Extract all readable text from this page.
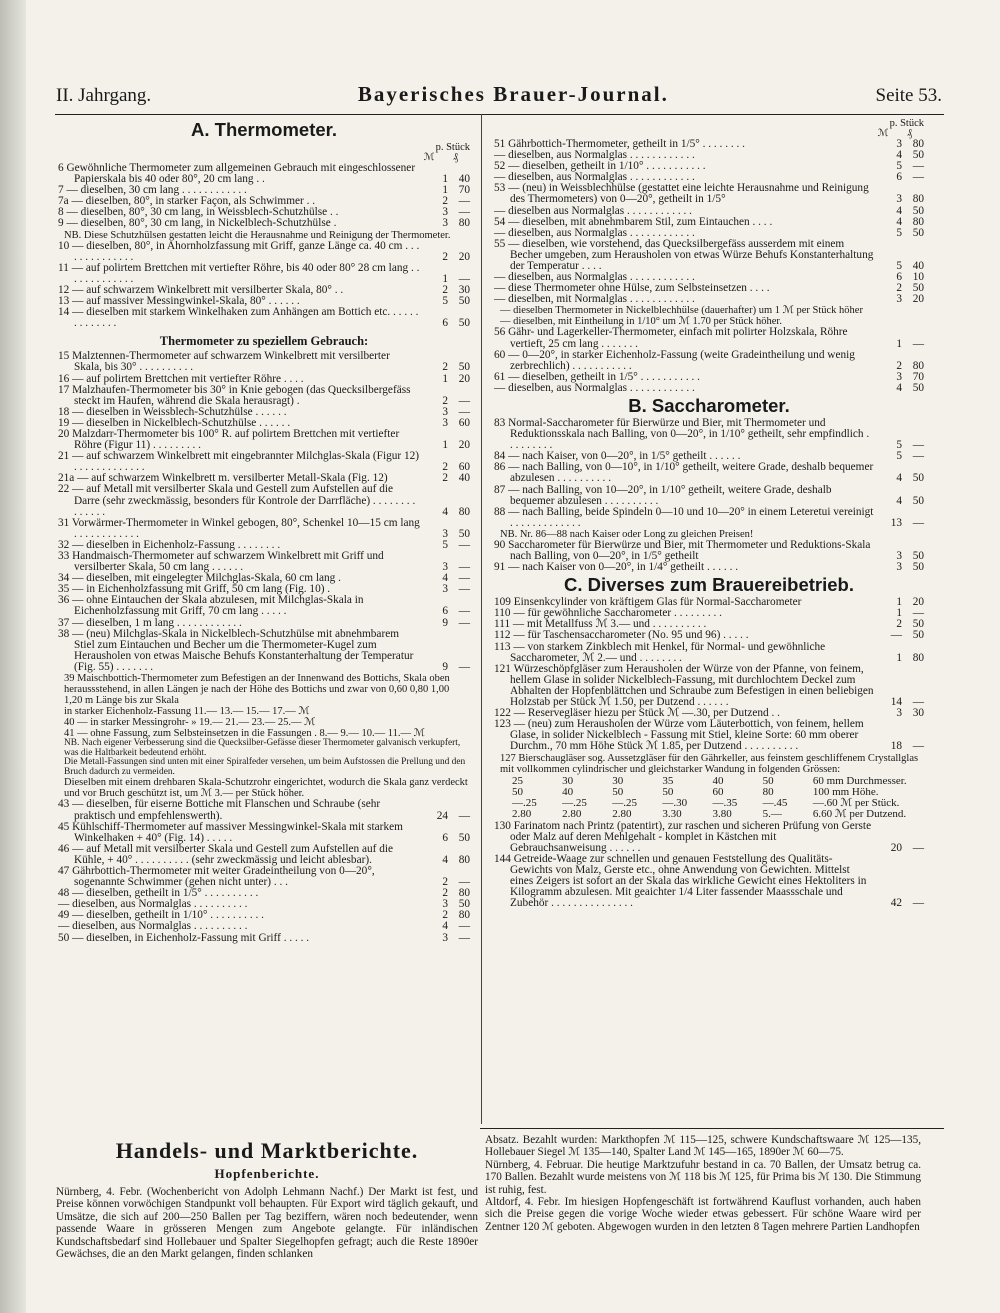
II. Jahrgang.	Bayerisches Brauer-Journal.	Seite 53.
A. Thermometer.
p. Stück
ℳ ₰
6 Gewöhnliche Thermometer zum allgemeinen Gebrauch mit eingeschlossener Papierskala bis 40 oder 80°, 20 cm lang . .	1 40
7 — dieselben, 30 cm lang . . . . . . . . . . . .	1 70
7a — dieselben, 80°, in starker Façon, als Schwimmer . .	2 —
8 — dieselben, 80°, 30 cm lang, in Weissblech-Schutzhülse . .	3 —
9 — dieselben, 80°, 30 cm lang, in Nickelblech-Schutzhülse .	3 80
NB. Diese Schutzhülsen gestatten leicht die Herausnahme und Reinigung der Thermometer.
10 — dieselben, 80°, in Ahornholzfassung mit Griff, ganze Länge ca. 40 cm . . . . . . . . . . . . . .	2 20
11 — auf polirtem Brettchen mit vertiefter Röhre, bis 40 oder 80° 28 cm lang . . . . . . . . . . . . .	1 —
12 — auf schwarzem Winkelbrett mit versilberter Skala, 80° . .	2 30
13 — auf massiver Messingwinkel-Skala, 80° . . . . . .	5 50
14 — dieselben mit starkem Winkelhaken zum Anhängen am Bottich etc. . . . . . . . . . . . . .	6 50
Thermometer zu speziellem Gebrauch:
15 Malztennen-Thermometer auf schwarzem Winkelbrett mit versilberter Skala, bis 30° . . . . . . . . . .	2 50
16 — auf polirtem Brettchen mit vertiefter Röhre . . . .	1 20
17 Malzhaufen-Thermometer bis 30° in Knie gebogen (das Quecksilbergefäss steckt im Haufen, während die Skala herausragt) .	2 —
18 — dieselben in Weissblech-Schutzhülse . . . . . .	3 —
19 — dieselben in Nickelblech-Schutzhülse . . . . . .	3 60
20 Malzdarr-Thermometer bis 100° R. auf polirtem Brettchen mit vertiefter Röhre (Figur 11) . . . . . . . . .	1 20
21 — auf schwarzem Winkelbrett mit eingebrannter Milchglas-Skala (Figur 12) . . . . . . . . . . . . .	2 60
21a — auf schwarzem Winkelbrett m. versilberter Metall-Skala (Fig. 12)	2 40
22 — auf Metall mit versilberter Skala und Gestell zum Aufstellen auf die Darre (sehr zweckmässig, besonders für Kontrole der Darrfläche) . . . . . . . . . . . . . .	4 80
31 Vorwärmer-Thermometer in Winkel gebogen, 80°, Schenkel 10—15 cm lang . . . . . . . . . . . .	3 50
32 — dieselben in Eichenholz-Fassung . . . . . . . .	5 —
33 Handmaisch-Thermometer auf schwarzem Winkelbrett mit Griff und versilberter Skala, 50 cm lang . . . . . .	3 —
34 — dieselben, mit eingelegter Milchglas-Skala, 60 cm lang .	4 —
35 — in Eichenholzfassung mit Griff, 50 cm lang (Fig. 10) .	3 —
36 — ohne Eintauchen der Skala abzulesen, mit Milchglas-Skala in Eichenholzfassung mit Griff, 70 cm lang . . . . .	6 —
37 — dieselben, 1 m lang . . . . . . . . . . . .	9 —
38 — (neu) Milchglas-Skala in Nickelblech-Schutzhülse mit abnehmbarem Stiel zum Eintauchen und Becher um die Thermometer-Kugel zum Herausholen von etwas Maische Behufs Konstanterhaltung der Temperatur (Fig. 55) . . . . . . .	9 —
39 Maischbottich-Thermometer zum Befestigen an der Innenwand des Bottichs, Skala oben heraussstehend, in allen Längen je nach der Höhe des Bottichs und zwar von 0,60 0,80 1,00 1,20 m Länge bis zur Skala
in starker Eichenholz-Fassung 11.— 13.— 15.— 17.— ℳ
40 — in starker Messingrohr- » 19.— 21.— 23.— 25.— ℳ
41 — ohne Fassung, zum Selbsteinsetzen in die Fassungen . 8.— 9.— 10.— 11.— ℳ
NB. Nach eigener Verbesserung sind die Quecksilber-Gefässe dieser Thermometer galvanisch verkupfert, was die Haltbarkeit bedeutend erhöht.
Die Metall-Fassungen sind unten mit einer Spiralfeder versehen, um beim Aufstossen die Prellung und den Bruch dadurch zu vermeiden.
Dieselben mit einem drehbaren Skala-Schutzrohr eingerichtet, wodurch die Skala ganz verdeckt und vor Bruch geschützt ist, um ℳ 3.— per Stück höher.
43 — dieselben, für eiserne Bottiche mit Flanschen und Schraube (sehr praktisch und empfehlenswerth).	24 —
45 Kühlschiff-Thermometer auf massiver Messingwinkel-Skala mit starkem Winkelhaken + 40° (Fig. 14) . . . . .	6 50
46 — auf Metall mit versilberter Skala und Gestell zum Aufstellen auf die Kühle, + 40° . . . . . . . . . . (sehr zweckmässig und leicht ablesbar).	4 80
47 Gährbottich-Thermometer mit weiter Gradeintheilung von 0—20°, sogenannte Schwimmer (gehen nicht unter) . . .	2 —
48 — dieselben, getheilt in 1/5° . . . . . . . . . .	2 80
— dieselben, aus Normalglas . . . . . . . . . .	3 50
49 — dieselben, getheilt in 1/10° . . . . . . . . . .	2 80
— dieselben, aus Normalglas . . . . . . . . . .	4 —
50 — dieselben, in Eichenholz-Fassung mit Griff . . . . .	3 —
p. Stück
ℳ ₰
51 Gährbottich-Thermometer, getheilt in 1/5° . . . . . . . .	3 80
— dieselben, aus Normalglas . . . . . . . . . . . .	4 50
52 — dieselben, getheilt in 1/10° . . . . . . . . . . .	5 —
— dieselben, aus Normalglas . . . . . . . . . . . .	6 —
53 — (neu) in Weissblechhülse (gestattet eine leichte Herausnahme und Reinigung des Thermometers) von 0—20°, getheilt in 1/5°	3 80
— dieselben aus Normalglas . . . . . . . . . . . .	4 50
54 — dieselben, mit abnehmbarem Stil, zum Eintauchen . . . .	4 80
— dieselben, aus Normalglas . . . . . . . . . . . .	5 50
55 — dieselben, wie vorstehend, das Quecksilbergefäss ausserdem mit einem Becher umgeben, zum Herausholen von etwas Würze Behufs Konstanterhaltung der Temperatur . . . .	5 40
— dieselben, aus Normalglas . . . . . . . . . . . .	6 10
— diese Thermometer ohne Hülse, zum Selbsteinsetzen . . . .	2 50
— dieselben, mit Normalglas . . . . . . . . . . . .	3 20
— dieselben Thermometer in Nickelblechhülse (dauerhafter) um 1 ℳ per Stück höher
— dieselben, mit Eintheilung in 1/10° um ℳ 1.70 per Stück höher.
56 Gähr- und Lagerkeller-Thermometer, einfach mit polirter Holzskala, Röhre vertieft, 25 cm lang . . . . . . .	1 —
60 — 0—20°, in starker Eichenholz-Fassung (weite Gradeintheilung und wenig zerbrechlich) . . . . . . . . . . .	2 80
61 — dieselben, getheilt in 1/5° . . . . . . . . . . .	3 70
— dieselben, aus Normalglas . . . . . . . . . . . .	4 50
B. Saccharometer.
83 Normal-Saccharometer für Bierwürze und Bier, mit Thermometer und Reduktionsskala nach Balling, von 0—20°, in 1/10° getheilt, sehr empfindlich . . . . . . . . .	5 —
84 — nach Kaiser, von 0—20°, in 1/5° getheilt . . . . . .	5 —
86 — nach Balling, von 0—10°, in 1/10° getheilt, weitere Grade, deshalb bequemer abzulesen . . . . . . . . . .	4 50
87 — nach Balling, von 10—20°, in 1/10° getheilt, weitere Grade, deshalb bequemer abzulesen . . . . . . . . . .	4 50
88 — nach Balling, beide Spindeln 0—10 und 10—20° in einem Leteretui vereinigt . . . . . . . . . . . . .	13 —
NB. Nr. 86—88 nach Kaiser oder Long zu gleichen Preisen!
90 Saccharometer für Bierwürze und Bier, mit Thermometer und Reduktions-Skala nach Balling, von 0—20°, in 1/5° getheilt	3 50
91 — nach Kaiser von 0—20°, in 1/4° getheilt . . . . . .	3 50
C. Diverses zum Brauereibetrieb.
109 Einsenkcylinder von kräftigem Glas für Normal-Saccharometer	1 20
110 — für gewöhnliche Saccharometer . . . . . . . . .	1 —
111 — mit Metallfuss ℳ 3.— und . . . . . . . . . .	2 50
112 — für Taschensaccharometer (No. 95 und 96) . . . . .	— 50
113 — von starkem Zinkblech mit Henkel, für Normal- und gewöhnliche Saccharometer, ℳ 2.— und . . . . . . . .	1 80
121 Würzeschöpfgläser zum Herausholen der Würze von der Pfanne, von feinem, hellem Glase in solider Nickelblech-Fassung, mit durchlochtem Deckel zum Abhalten der Hopfenblättchen und Schraube zum Befestigen in einen beliebigen Holzstab per Stück ℳ 1.50, per Dutzend . . . . . .	14 —
122 — Reservegläser hiezu per Stück ℳ —.30, per Dutzend . .	3 30
123 — (neu) zum Herausholen der Würze vom Läuterbottich, von feinem, hellem Glase, in solider Nickelblech - Fassung mit Stiel, kleine Sorte: 60 mm oberer Durchm., 70 mm Höhe Stück ℳ 1.85, per Dutzend . . . . . . . . . .	18 —
127 Bierschaugläser sog. Aussetzgläser für den Gährkeller, aus feinstem geschliffenem Crystallglas mit vollkommen cylindrischer und gleichstarker Wandung in folgenden Grössen:
25	30	30	35	40	50	60 mm Durchmesser.
50	40	50	50	60	80	100 mm Höhe.
—.25	—.25	—.25	—.30	—.35	—.45	—.60 ℳ per Stück.
2.80	2.80	2.80	3.30	3.80	5.—	6.60 ℳ per Dutzend.
130 Farinatom nach Printz (patentirt), zur raschen und sicheren Prüfung von Gerste oder Malz auf deren Mehlgehalt - komplet in Kästchen mit Gebrauchsanweisung . . . . . .	20 —
144 Getreide-Waage zur schnellen und genauen Feststellung des Qualitäts-Gewichts von Malz, Gerste etc., ohne Anwendung von Gewichten. Mittelst eines Zeigers ist sofort an der Skala das wirkliche Gewicht eines Hektoliters in Kilogramm abzulesen. Mit geaichter 1/4 Liter fassender Maassschale und Zubehör . . . . . . . . . . . . . . .	42 —
Handels- und Marktberichte.
Hopfenberichte.

Nürnberg, 4. Febr. (Wochenbericht von Adolph Lehmann Nachf.) Der Markt ist fest, und Preise können vorwöchigen Standpunkt voll behaupten. Für Export wird täglich gekauft, und Umsätze, die sich auf 200—250 Ballen per Tag beziffern, wären noch bedeutender, wenn passende Waare in grösseren Mengen zum Angebote gelangte. Für inländischen Kundschaftsbedarf sind Hollebauer und Spalter Siegelhopfen gefragt; auch die Reste 1890er Gewächses, die an den Markt gelangen, finden schlanken

Absatz. Bezahlt wurden: Markthopfen ℳ 115—125, schwere Kundschaftswaare ℳ 125—135, Hollebauer Siegel ℳ 135—140, Spalter Land ℳ 145—165, 1890er ℳ 60—75.

Nürnberg, 4. Februar. Die heutige Marktzufuhr bestand in ca. 70 Ballen, der Umsatz betrug ca. 170 Ballen. Bezahlt wurde meistens von ℳ 118 bis ℳ 125, für Prima bis ℳ 130. Die Stimmung ist ruhig, fest.

Altdorf, 4. Febr. Im hiesigen Hopfengeschäft ist fortwährend Kauflust vorhanden, auch haben sich die Preise gegen die vorige Woche wieder etwas gebessert. Für schöne Waare wird per Zentner 120 ℳ geboten. Abgewogen wurden in den letzten 8 Tagen mehrere Partien Landhopfen
